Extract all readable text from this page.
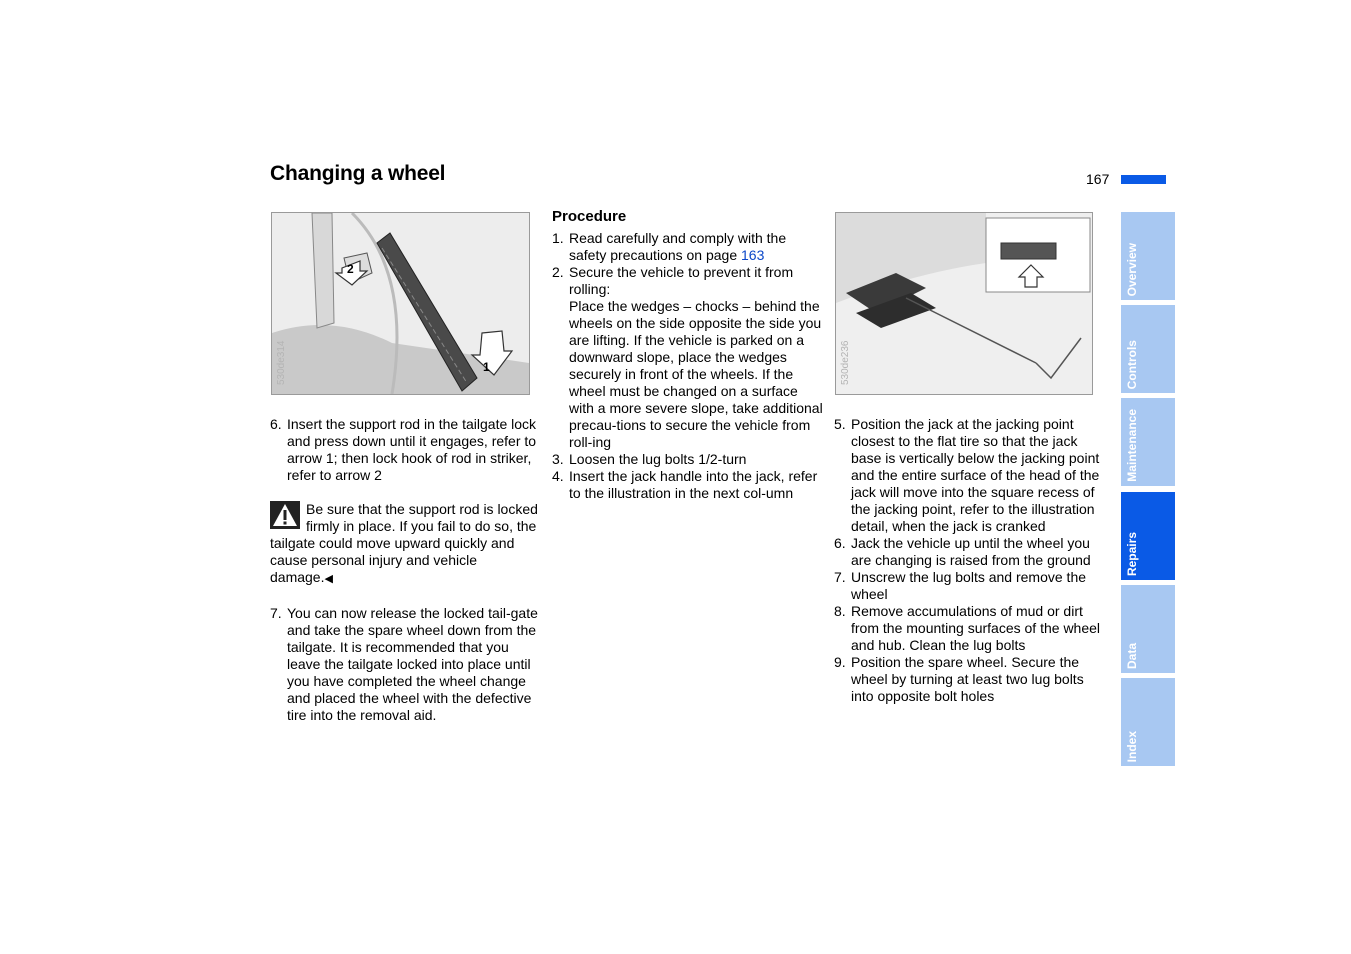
Changing a wheel	167
2
1
530de314	530de236
6. Insert the support rod in the tailgate lock and press down until it engages, refer to arrow 1; then lock hook of rod in striker, refer to arrow 2
Be sure that the support rod is locked firmly in place. If you fail to do so, the tailgate could move upward quickly and cause personal injury and vehicle damage.◀
7. You can now release the locked tail-gate and take the spare wheel down from the tailgate. It is recommended that you leave the tailgate locked into place until you have completed the wheel change and placed the wheel with the defective tire into the removal aid.
Procedure
1. Read carefully and comply with the safety precautions on page 163
2. Secure the vehicle to prevent it from rolling:
Place the wedges – chocks – behind the wheels on the side opposite the side you are lifting. If the vehicle is parked on a downward slope, place the wedges securely in front of the wheels. If the wheel must be changed on a surface with a more severe slope, take additional precau-tions to secure the vehicle from roll-ing
3. Loosen the lug bolts 1/2-turn
4. Insert the jack handle into the jack, refer to the illustration in the next col-umn
5. Position the jack at the jacking point closest to the flat tire so that the jack base is vertically below the jacking point and the entire surface of the head of the jack will move into the square recess of the jacking point, refer to the illustration detail, when the jack is cranked
6. Jack the vehicle up until the wheel you are changing is raised from the ground
7. Unscrew the lug bolts and remove the wheel
8. Remove accumulations of mud or dirt from the mounting surfaces of the wheel and hub. Clean the lug bolts
9. Position the spare wheel. Secure the wheel by turning at least two lug bolts into opposite bolt holes
Overview
Controls
Maintenance
Repairs
Data
Index
